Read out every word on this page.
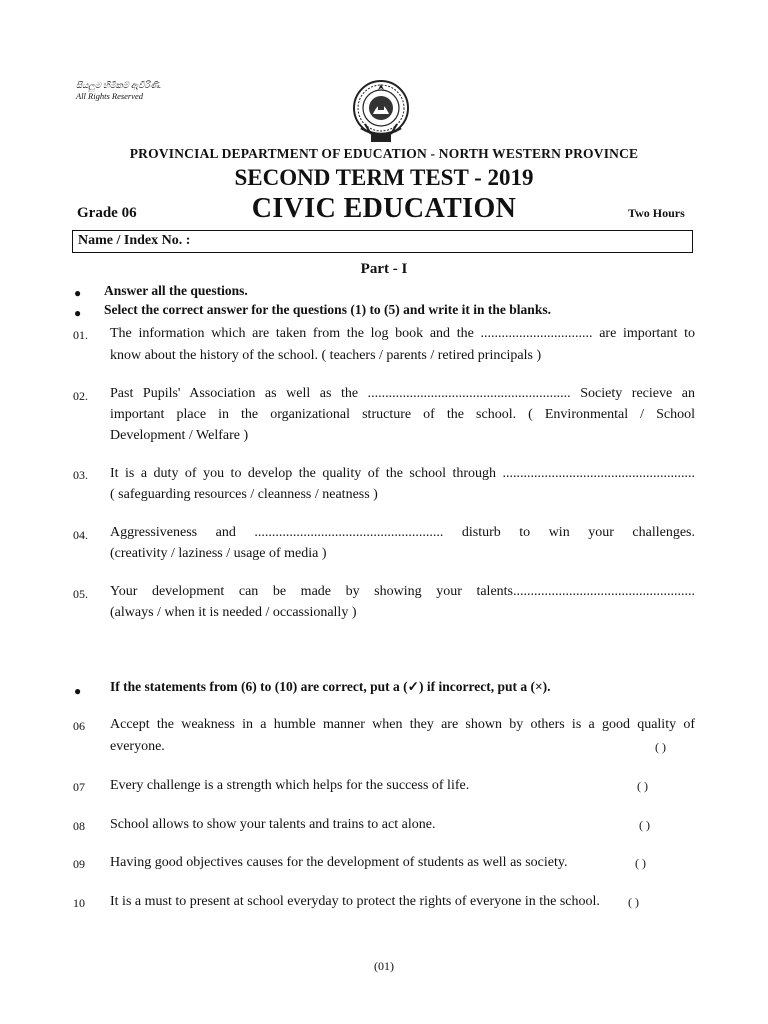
සියලුම හිමිකම් ඇවිරිණි.
All Rights Reserved
PROVINCIAL DEPARTMENT OF EDUCATION - NORTH WESTERN PROVINCE
SECOND TERM TEST - 2019
Grade 06	CIVIC EDUCATION	Two Hours
Name / Index No. :
Part - I
● Answer all the questions.
● Select the correct answer for the questions (1) to (5) and write it in the blanks.
01. The information which are taken from the log book and the ................................ are important to
know about the history of the school. ( teachers / parents / retired principals )
02. Past Pupils' Association as well as the .......................................................... Society recieve an
important place in the organizational structure of the school. ( Environmental / School
Development / Welfare )
03. It is a duty of you to develop the quality of the school through .......................................................
( safeguarding resources / cleanness / neatness )
04. Aggressiveness and ...................................................... disturb to win your challenges.
(creativity / laziness / usage of media )
05. Your development can be made by showing your talents....................................................
(always / when it is needed / occassionally )
● If the statements from (6) to (10) are correct, put a (✓) if incorrect, put a (×).
06 Accept the weakness in a humble manner when they are shown by others is a good quality of
everyone.	( )
07 Every challenge is a strength which helps for the success of life.	( )
08 School allows to show your talents and trains to act alone.	( )
09 Having good objectives causes for the development of students as well as society.	( )
10 It is a must to present at school everyday to protect the rights of everyone in the school.	( )
(01)
